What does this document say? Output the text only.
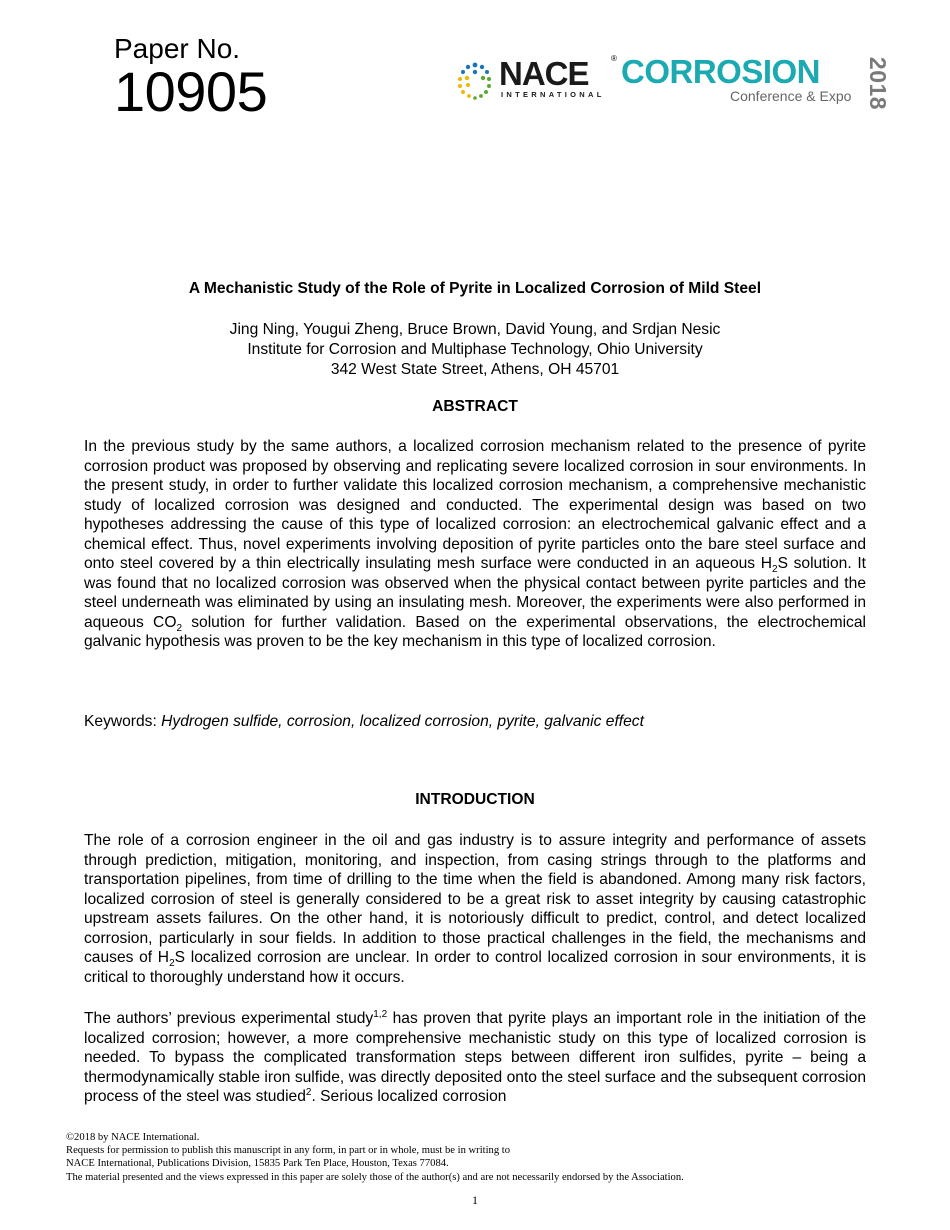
Paper No.
10905	NACE	®
INTERNATIONAL
CORROSION
Conference & Expo 2018
A Mechanistic Study of the Role of Pyrite in Localized Corrosion of Mild Steel
Jing Ning, Yougui Zheng, Bruce Brown, David Young, and Srdjan Nesic
Institute for Corrosion and Multiphase Technology, Ohio University
342 West State Street, Athens, OH 45701
ABSTRACT
In the previous study by the same authors, a localized corrosion mechanism related to the presence of pyrite corrosion product was proposed by observing and replicating severe localized corrosion in sour environments. In the present study, in order to further validate this localized corrosion mechanism, a comprehensive mechanistic study of localized corrosion was designed and conducted. The experimental design was based on two hypotheses addressing the cause of this type of localized corrosion: an electrochemical galvanic effect and a chemical effect. Thus, novel experiments involving deposition of pyrite particles onto the bare steel surface and onto steel covered by a thin electrically insulating mesh surface were conducted in an aqueous $H_2S$ solution. It was found that no localized corrosion was observed when the physical contact between pyrite particles and the steel underneath was eliminated by using an insulating mesh. Moreover, the experiments were also performed in aqueous $CO_2$ solution for further validation. Based on the experimental observations, the electrochemical galvanic hypothesis was proven to be the key mechanism in this type of localized corrosion.
Keywords: Hydrogen sulfide, corrosion, localized corrosion, pyrite, galvanic effect
INTRODUCTION
The role of a corrosion engineer in the oil and gas industry is to assure integrity and performance of assets through prediction, mitigation, monitoring, and inspection, from casing strings through to the platforms and transportation pipelines, from time of drilling to the time when the field is abandoned. Among many risk factors, localized corrosion of steel is generally considered to be a great risk to asset integrity by causing catastrophic upstream assets failures. On the other hand, it is notoriously difficult to predict, control, and detect localized corrosion, particularly in sour fields. In addition to those practical challenges in the field, the mechanisms and causes of $H_2S$ localized corrosion are unclear. In order to control localized corrosion in sour environments, it is critical to thoroughly understand how it occurs.
The authors’ previous experimental study$^{1,2}$ has proven that pyrite plays an important role in the initiation of the localized corrosion; however, a more comprehensive mechanistic study on this type of localized corrosion is needed. To bypass the complicated transformation steps between different iron sulfides, pyrite – being a thermodynamically stable iron sulfide, was directly deposited onto the steel surface and the subsequent corrosion process of the steel was studied$^2$. Serious localized corrosion
©2018 by NACE International.
Requests for permission to publish this manuscript in any form, in part or in whole, must be in writing to
NACE International, Publications Division, 15835 Park Ten Place, Houston, Texas 77084.
The material presented and the views expressed in this paper are solely those of the author(s) and are not necessarily endorsed by the Association.
1
